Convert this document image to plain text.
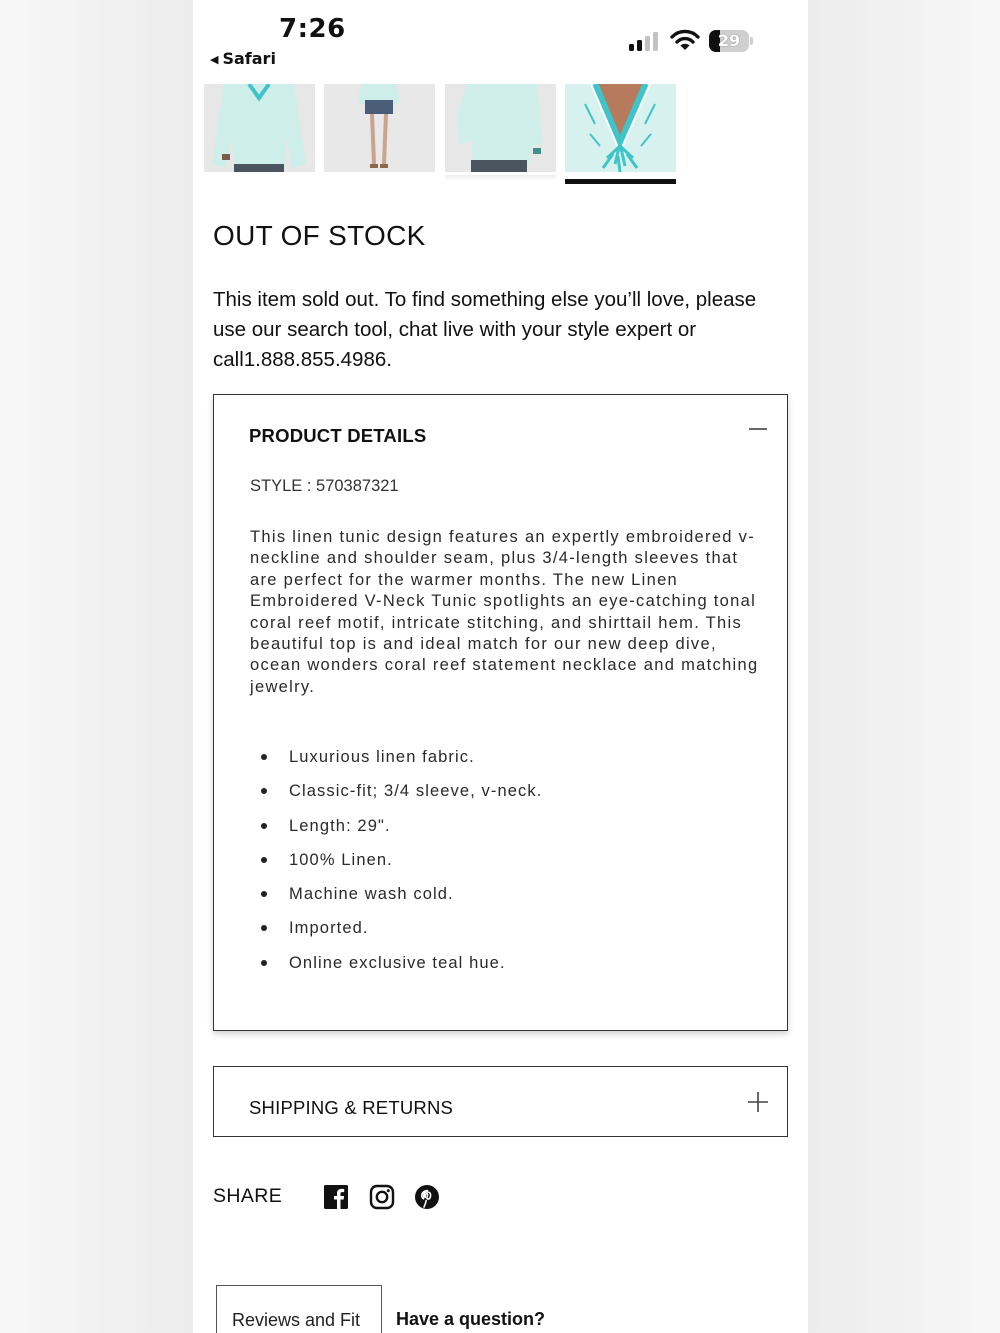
7:26
◀ Safari
29
OUT OF STOCK
This item sold out. To find something else you’ll love, please use our search tool, chat live with your style expert or call1.888.855.4986.
PRODUCT DETAILS
STYLE : 570387321
This linen tunic design features an expertly embroidered v-neckline and shoulder seam, plus 3/4-length sleeves that are perfect for the warmer months. The new Linen Embroidered V-Neck Tunic spotlights an eye-catching tonal coral reef motif, intricate stitching, and shirttail hem. This beautiful top is and ideal match for our new deep dive, ocean wonders coral reef statement necklace and matching jewelry.
Luxurious linen fabric.
Classic-fit; 3/4 sleeve, v-neck.
Length: 29".
100% Linen.
Machine wash cold.
Imported.
Online exclusive teal hue.
SHIPPING & RETURNS
SHARE
Reviews and Fit Have a question?
